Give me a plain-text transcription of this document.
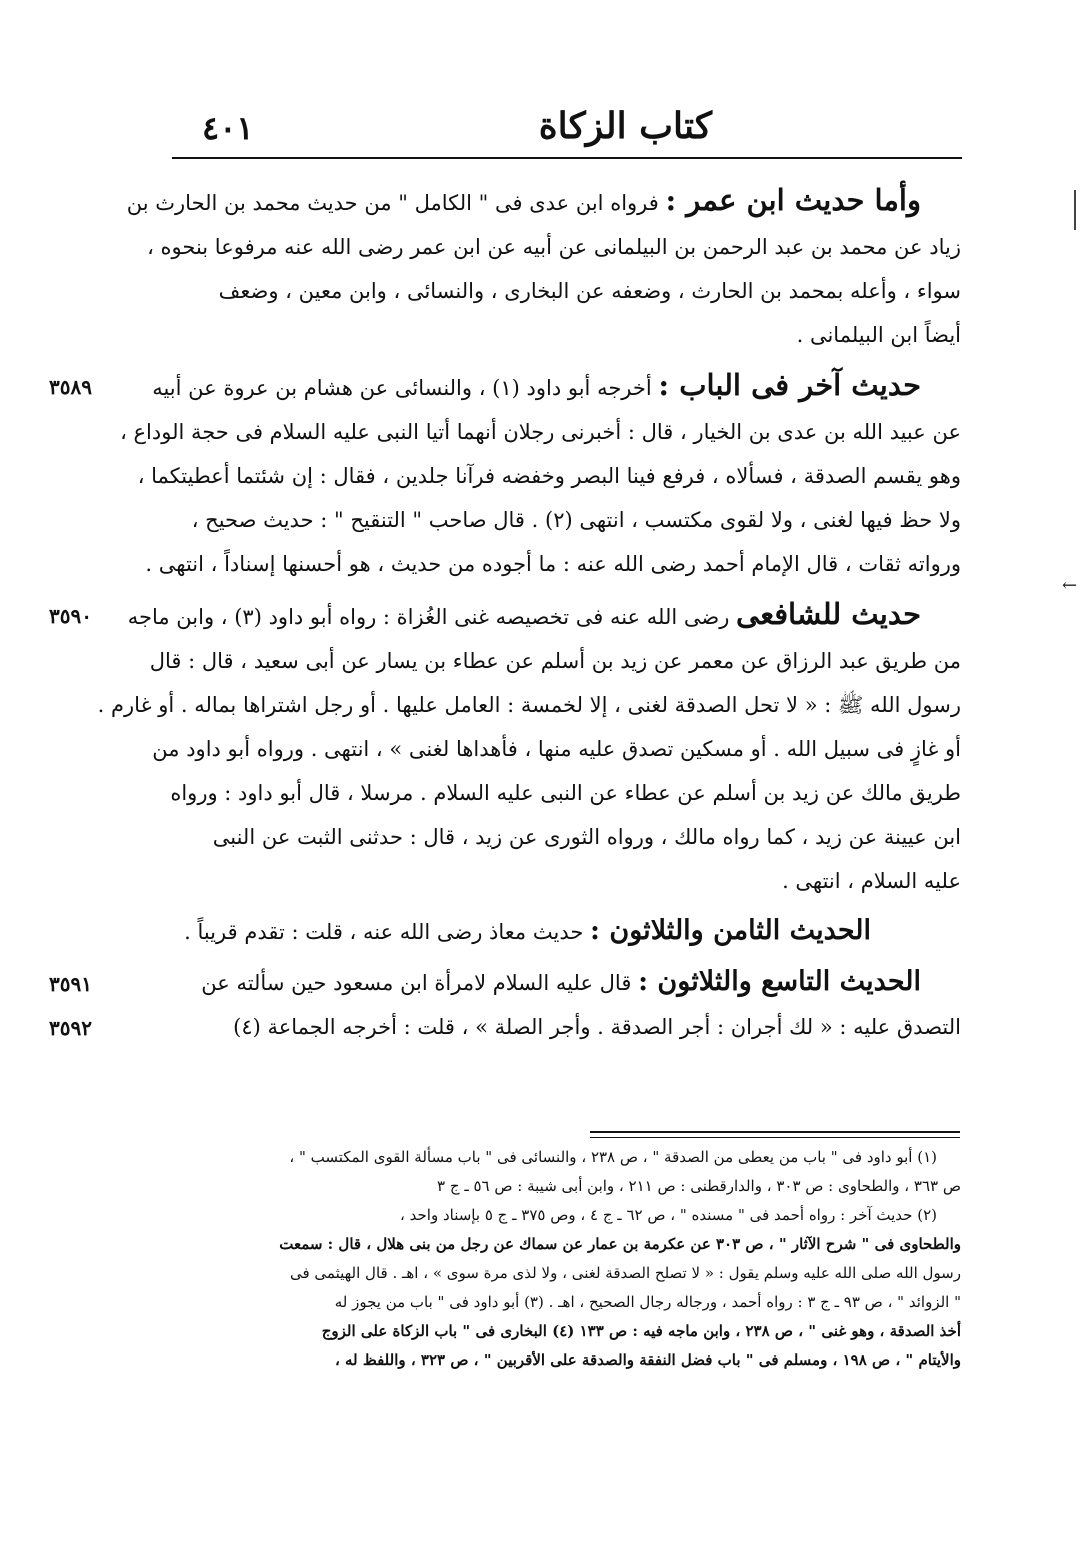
كتاب الزكاة
٤٠١
←
وأما حديث ابن عمر : فرواه ابن عدى فى " الكامل " من حديث محمد بن الحارث بن
زياد عن محمد بن عبد الرحمن بن البيلمانى عن أبيه عن ابن عمر رضى الله عنه مرفوعا بنحوه ،
سواء ، وأعله بمحمد بن الحارث ، وضعفه عن البخارى ، والنسائى ، وابن معين ، وضعف
أيضاً ابن البيلمانى .
٣٥٨٩	حديث آخر فى الباب : أخرجه أبو داود (١) ، والنسائى عن هشام بن عروة عن أبيه
عن عبيد الله بن عدى بن الخيار ، قال : أخبرنى رجلان أنهما أتيا النبى عليه السلام فى حجة الوداع ،
وهو يقسم الصدقة ، فسألاه ، فرفع فينا البصر وخفضه فرآنا جلدين ، فقال : إن شئتما أعطيتكما ،
ولا حظ فيها لغنى ، ولا لقوى مكتسب ، انتهى (٢) . قال صاحب " التنقيح " : حديث صحيح ،
ورواته ثقات ، قال الإمام أحمد رضى الله عنه : ما أجوده من حديث ، هو أحسنها إسناداً ، انتهى .
٣٥٩٠	حديث للشافعى رضى الله عنه فى تخصيصه غنى الغُزاة : رواه أبو داود (٣) ، وابن ماجه
من طريق عبد الرزاق عن معمر عن زيد بن أسلم عن عطاء بن يسار عن أبى سعيد ، قال : قال
رسول الله ﷺ : « لا تحل الصدقة لغنى ، إلا لخمسة : العامل عليها . أو رجل اشتراها بماله . أو غارم .
أو غازٍ فى سبيل الله . أو مسكين تصدق عليه منها ، فأهداها لغنى » ، انتهى . ورواه أبو داود من
طريق مالك عن زيد بن أسلم عن عطاء عن النبى عليه السلام . مرسلا ، قال أبو داود : ورواه
ابن عيينة عن زيد ، كما رواه مالك ، ورواه الثورى عن زيد ، قال : حدثنى الثبت عن النبى
عليه السلام ، انتهى .
الحديث الثامن والثلاثون : حديث معاذ رضى الله عنه ، قلت : تقدم قريباً .
٣٥٩١
٣٥٩٢
الحديث التاسع والثلاثون : قال عليه السلام لامرأة ابن مسعود حين سألته عن
التصدق عليه : « لك أجران : أجر الصدقة . وأجر الصلة » ، قلت : أخرجه الجماعة (٤)
(١) أبو داود فى " باب من يعطى من الصدقة " ، ص ٢٣٨ ، والنسائى فى " باب مسألة القوى المكتسب " ،
ص ٣٦٣ ، والطحاوى : ص ٣٠٣ ، والدارقطنى : ص ٢١١ ، وابن أبى شيبة : ص ٥٦ ـ ج ٣
(٢) حديث آخر : رواه أحمد فى " مسنده " ، ص ٦٢ ـ ج ٤ ، وص ٣٧٥ ـ ج ٥ بإسناد واحد ،
والطحاوى فى " شرح الآثار " ، ص ٣٠٣ عن عكرمة بن عمار عن سماك عن رجل من بنى هلال ، قال : سمعت
رسول الله صلى الله عليه وسلم يقول : « لا تصلح الصدقة لغنى ، ولا لذى مرة سوى » ، اهـ . قال الهيثمى فى
" الزوائد " ، ص ٩٣ ـ ج ٣ : رواه أحمد ، ورجاله رجال الصحيح ، اهـ . (٣) أبو داود فى " باب من يجوز له
أخذ الصدقة ، وهو غنى " ، ص ٢٣٨ ، وابن ماجه فيه : ص ١٣٣ (٤) البخارى فى " باب الزكاة على الزوج
والأيتام " ، ص ١٩٨ ، ومسلم فى " باب فضل النفقة والصدقة على الأقربين " ، ص ٣٢٣ ، واللفظ له ،
